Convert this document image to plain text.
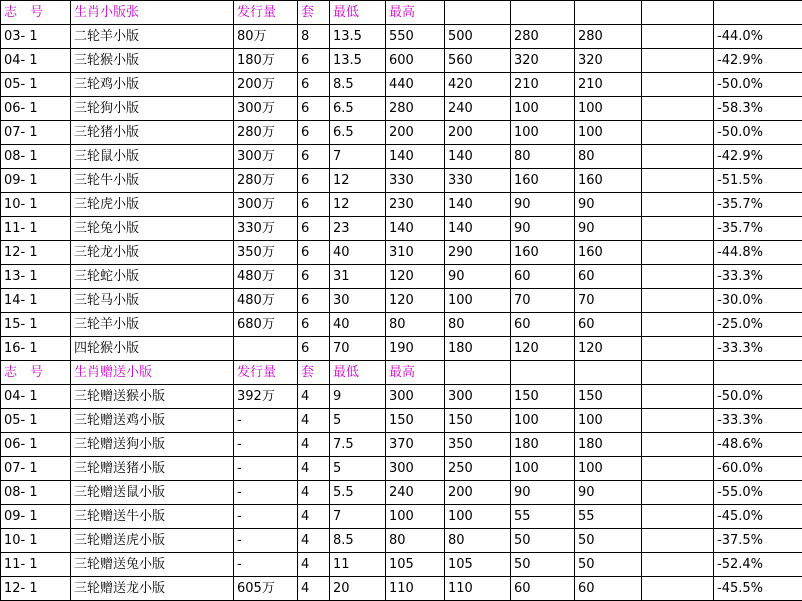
志　号	生肖小版张	发行量	套	最低	最高					
03- 1	二轮羊小版	80万	8	13.5	550	500	280	280		-44.0%
04- 1	三轮猴小版	180万	6	13.5	600	560	320	320		-42.9%
05- 1	三轮鸡小版	200万	6	8.5	440	420	210	210		-50.0%
06- 1	三轮狗小版	300万	6	6.5	280	240	100	100		-58.3%
07- 1	三轮猪小版	280万	6	6.5	200	200	100	100		-50.0%
08- 1	三轮鼠小版	300万	6	7	140	140	80	80		-42.9%
09- 1	三轮牛小版	280万	6	12	330	330	160	160		-51.5%
10- 1	三轮虎小版	300万	6	12	230	140	90	90		-35.7%
11- 1	三轮兔小版	330万	6	23	140	140	90	90		-35.7%
12- 1	三轮龙小版	350万	6	40	310	290	160	160		-44.8%
13- 1	三轮蛇小版	480万	6	31	120	90	60	60		-33.3%
14- 1	三轮马小版	480万	6	30	120	100	70	70		-30.0%
15- 1	三轮羊小版	680万	6	40	80	80	60	60		-25.0%
16- 1	四轮猴小版		6	70	190	180	120	120		-33.3%
志　号	生肖赠送小版	发行量	套	最低	最高					
04- 1	三轮赠送猴小版	392万	4	9	300	300	150	150		-50.0%
05- 1	三轮赠送鸡小版	-	4	5	150	150	100	100		-33.3%
06- 1	三轮赠送狗小版	-	4	7.5	370	350	180	180		-48.6%
07- 1	三轮赠送猪小版	-	4	5	300	250	100	100		-60.0%
08- 1	三轮赠送鼠小版	-	4	5.5	240	200	90	90		-55.0%
09- 1	三轮赠送牛小版	-	4	7	100	100	55	55		-45.0%
10- 1	三轮赠送虎小版	-	4	8.5	80	80	50	50		-37.5%
11- 1	三轮赠送兔小版	-	4	11	105	105	50	50		-52.4%
12- 1	三轮赠送龙小版	605万	4	20	110	110	60	60		-45.5%
